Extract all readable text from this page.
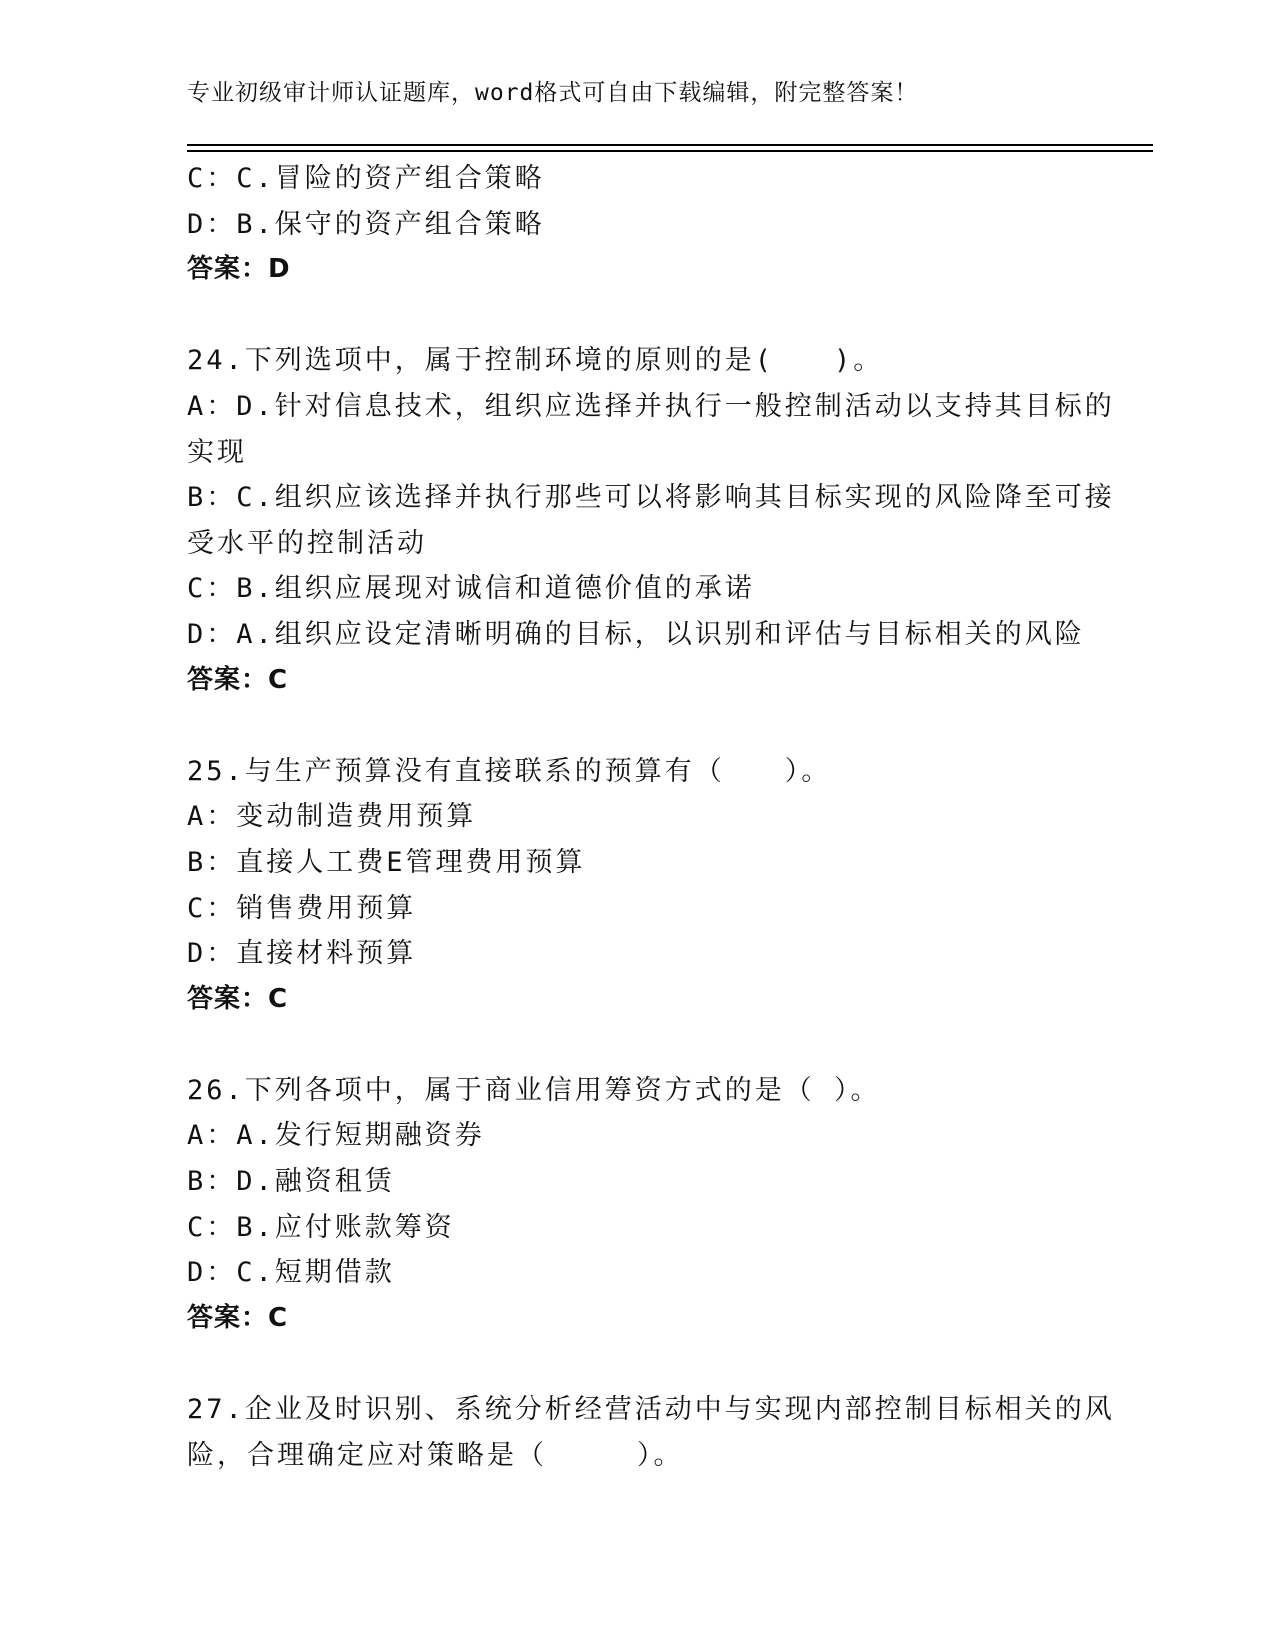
专业初级审计师认证题库，word格式可自由下载编辑，附完整答案！
C：C.冒险的资产组合策略
D：B.保守的资产组合策略
答案：D
24.下列选项中，属于控制环境的原则的是(　　)。
A：D.针对信息技术，组织应选择并执行一般控制活动以支持其目标的
实现
B：C.组织应该选择并执行那些可以将影响其目标实现的风险降至可接
受水平的控制活动
C：B.组织应展现对诚信和道德价值的承诺
D：A.组织应设定清晰明确的目标，以识别和评估与目标相关的风险
答案：C
25.与生产预算没有直接联系的预算有（　　）。
A：变动制造费用预算
B：直接人工费E管理费用预算
C：销售费用预算
D：直接材料预算
答案：C
26.下列各项中，属于商业信用筹资方式的是（ ）。
A：A.发行短期融资券
B：D.融资租赁
C：B.应付账款筹资
D：C.短期借款
答案：C
27.企业及时识别、系统分析经营活动中与实现内部控制目标相关的风
险，合理确定应对策略是（　　　）。
